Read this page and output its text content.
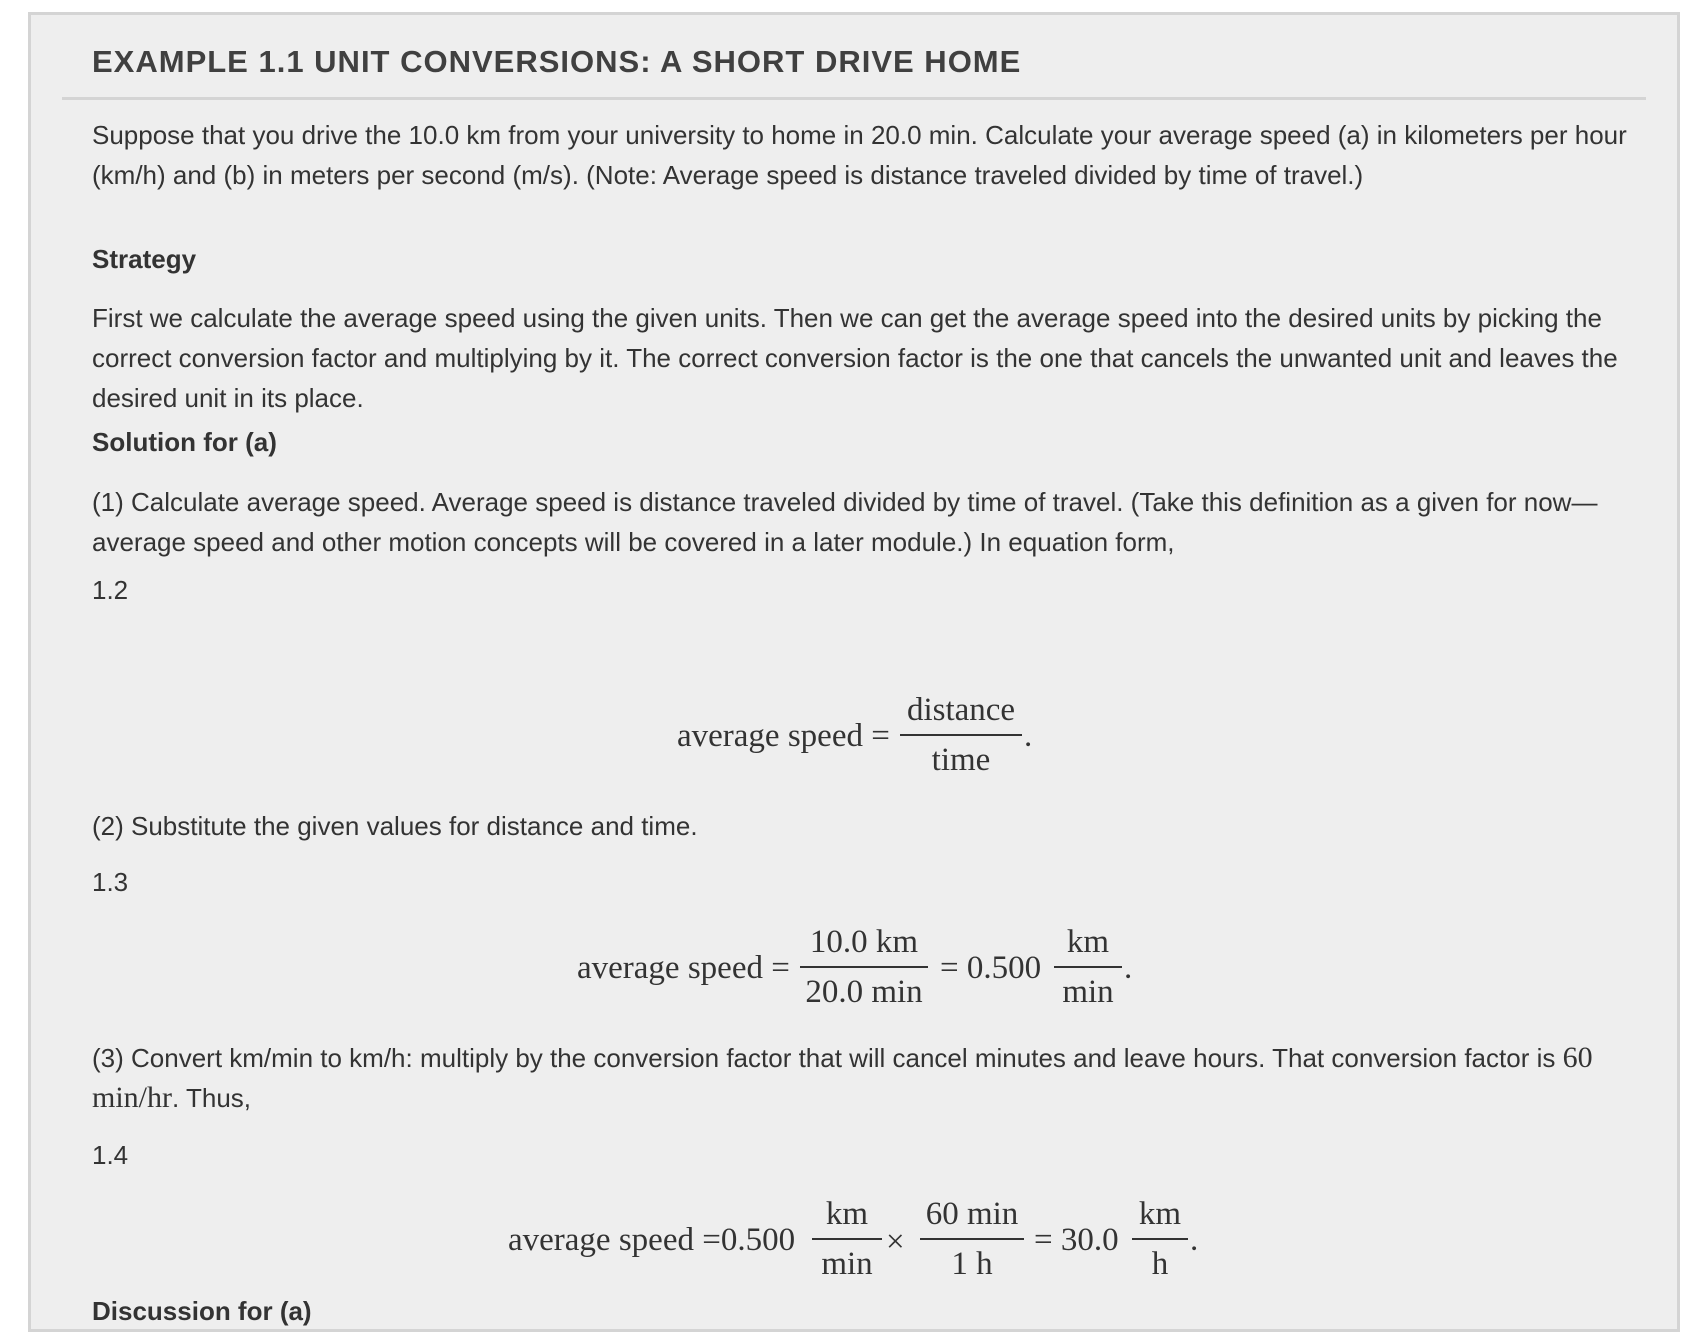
EXAMPLE 1.1 UNIT CONVERSIONS: A SHORT DRIVE HOME

Suppose that you drive the 10.0 km from your university to home in 20.0 min. Calculate your average speed (a) in kilometers per hour (km/h) and (b) in meters per second (m/s). (Note: Average speed is distance traveled divided by time of travel.)

Strategy

First we calculate the average speed using the given units. Then we can get the average speed into the desired units by picking the correct conversion factor and multiplying by it. The correct conversion factor is the one that cancels the unwanted unit and leaves the desired unit in its place.

Solution for (a)

(1) Calculate average speed. Average speed is distance traveled divided by time of travel. (Take this definition as a given for now—average speed and other motion concepts will be covered in a later module.) In equation form,

1.2
average speed =
distance
time
.

(2) Substitute the given values for distance and time.

1.3
average speed =
10.0 km
20.0 min
= 0.500
km
min
.

(3) Convert km/min to km/h: multiply by the conversion factor that will cancel minutes and leave hours. That conversion factor is 60 min/hr. Thus,

1.4
average speed =0.500
km
min
×
60 min
1 h
= 30.0
km
h
.
Discussion for (a)
